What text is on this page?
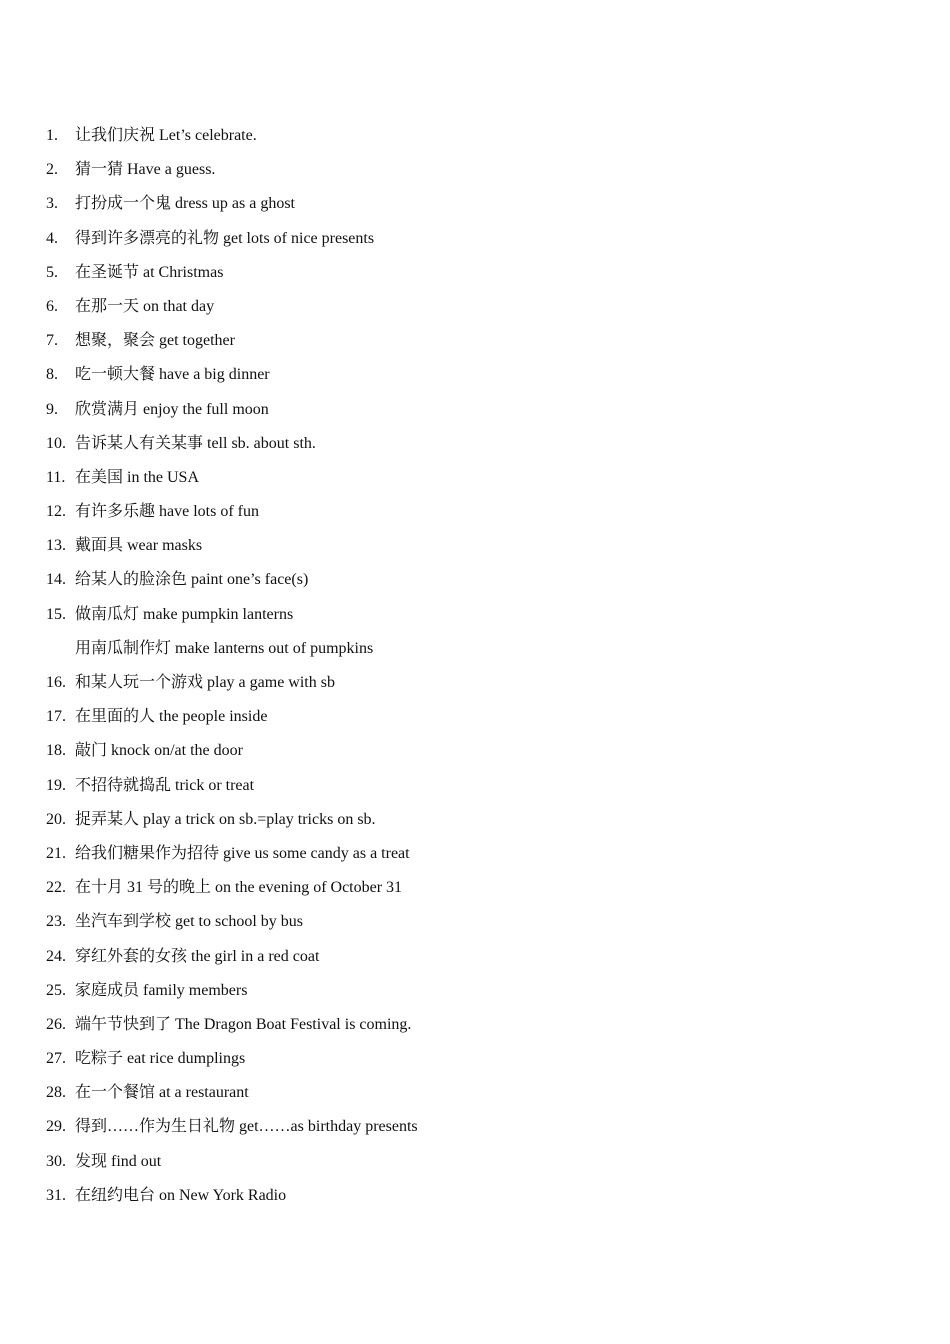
1.	让我们庆祝 Let’s celebrate.
2.	猜一猜 Have a guess.
3.	打扮成一个鬼 dress up as a ghost
4.	得到许多漂亮的礼物 get lots of nice presents
5.	在圣诞节 at Christmas
6.	在那一天 on that day
7.	想聚，聚会 get together
8.	吃一顿大餐 have a big dinner
9.	欣赏满月 enjoy the full moon
10. 告诉某人有关某事 tell sb. about sth.
11. 在美国 in the USA
12. 有许多乐趣 have lots of fun
13. 戴面具 wear masks
14. 给某人的脸涂色 paint one’s face(s)
15. 做南瓜灯 make pumpkin lanterns
用南瓜制作灯 make lanterns out of pumpkins
16. 和某人玩一个游戏 play a game with sb
17. 在里面的人 the people inside
18. 敲门 knock on/at the door
19. 不招待就捣乱 trick or treat
20. 捉弄某人 play a trick on sb.=play tricks on sb.
21. 给我们糖果作为招待 give us some candy as a treat
22. 在十月 31 号的晚上 on the evening of October 31
23. 坐汽车到学校 get to school by bus
24. 穿红外套的女孩 the girl in a red coat
25. 家庭成员 family members
26. 端午节快到了 The Dragon Boat Festival is coming.
27. 吃粽子 eat rice dumplings
28. 在一个餐馆 at a restaurant
29. 得到……作为生日礼物 get……as birthday presents
30. 发现 find out
31. 在纽约电台 on New York Radio
